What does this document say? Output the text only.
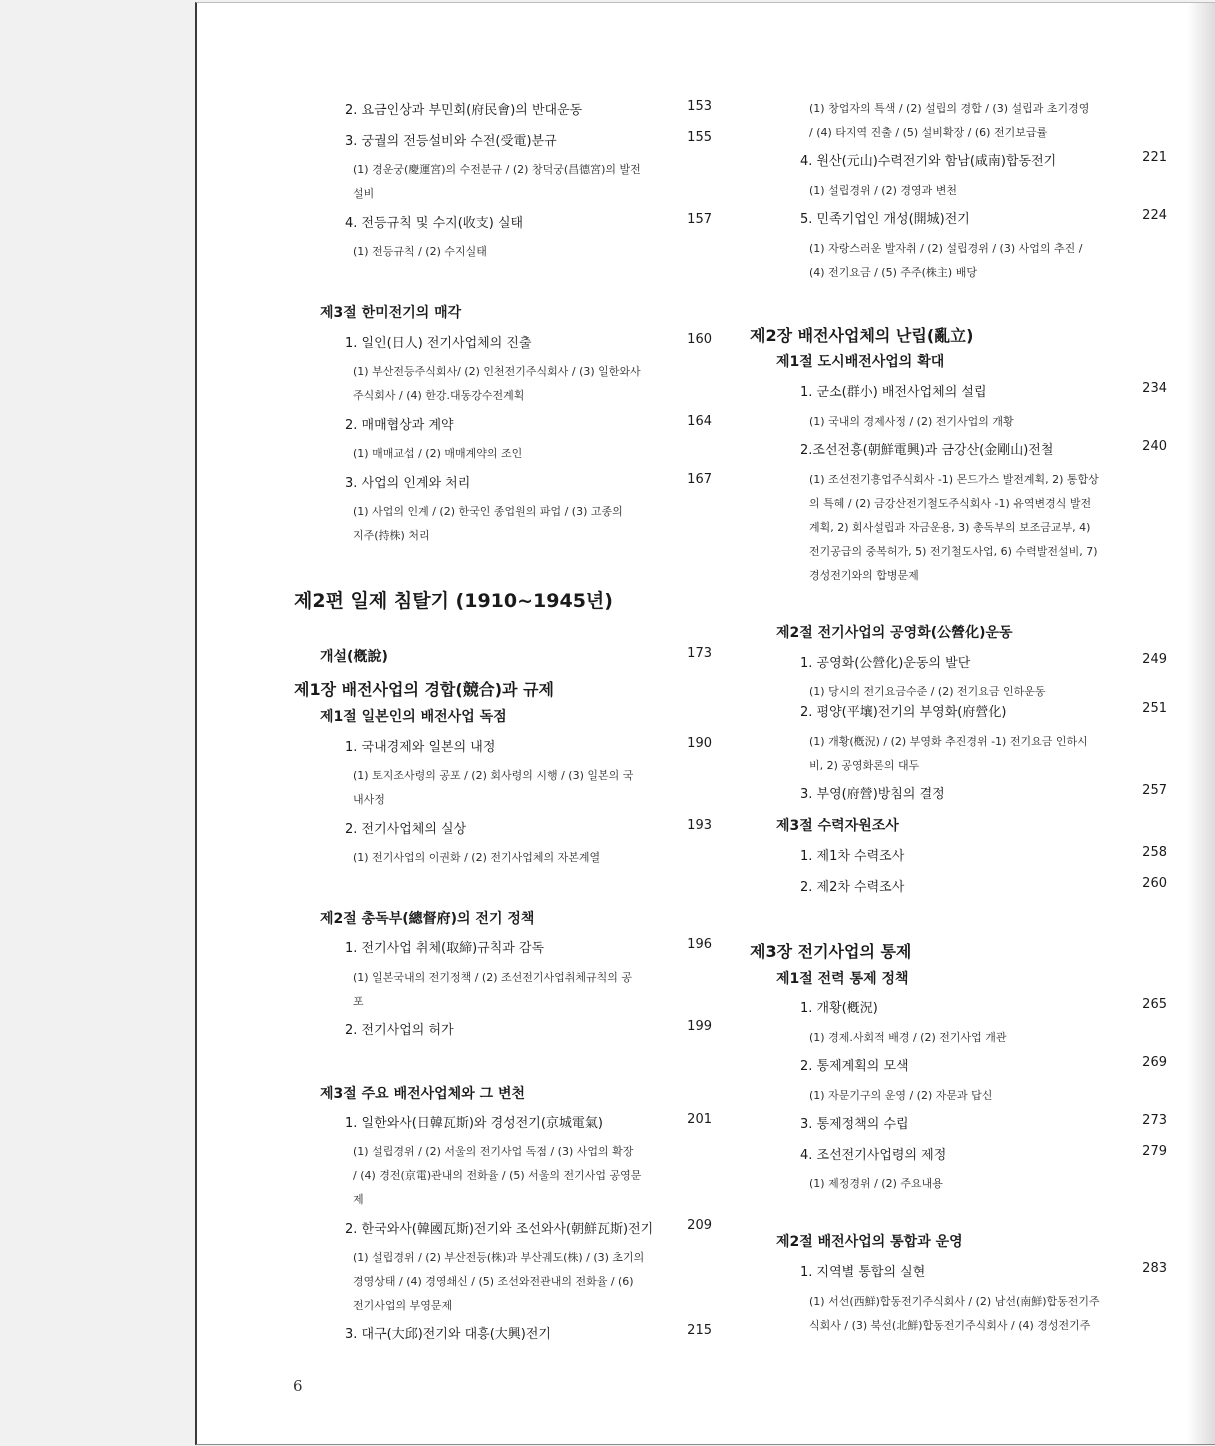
2. 요금인상과 부민회(府民會)의 반대운동	153
3. 궁궐의 전등설비와 수전(受電)분규	155
(1) 경운궁(慶運宮)의 수전분규 / (2) 창덕궁(昌德宮)의 발전
설비
4. 전등규칙 및 수지(收支) 실태	157
(1) 전등규칙 / (2) 수지실태
제3절 한미전기의 매각
1. 일인(日人) 전기사업체의 진출	160
(1) 부산전등주식회사/ (2) 인천전기주식회사 / (3) 일한와사
주식회사 / (4) 한강.대동강수전계획
2. 매매협상과 계약	164
(1) 매매교섭 / (2) 매매계약의 조인
3. 사업의 인계와 처리	167
(1) 사업의 인계 / (2) 한국인 종업원의 파업 / (3) 고종의
지주(持株) 처리
제2편 일제 침탈기 (1910~1945년)
개설(槪說)	173
제1장 배전사업의 경합(競合)과 규제
제1절 일본인의 배전사업 독점
1. 국내경제와 일본의 내정	190
(1) 토지조사령의 공포 / (2) 회사령의 시행 / (3) 일본의 국
내사정
2. 전기사업체의 실상	193
(1) 전기사업의 이권화 / (2) 전기사업체의 자본계열
제2절 총독부(總督府)의 전기 정책
1. 전기사업 취체(取締)규칙과 감독	196
(1) 일본국내의 전기정책 / (2) 조선전기사업취체규칙의 공
포
2. 전기사업의 허가	199
제3절 주요 배전사업체와 그 변천
1. 일한와사(日韓瓦斯)와 경성전기(京城電氣)	201
(1) 설립경위 / (2) 서울의 전기사업 독점 / (3) 사업의 확장
/ (4) 경전(京電)관내의 전화율 / (5) 서울의 전기사업 공영문
제
2. 한국와사(韓國瓦斯)전기와 조선와사(朝鮮瓦斯)전기	209
(1) 설립경위 / (2) 부산전등(株)과 부산궤도(株) / (3) 초기의
경영상태 / (4) 경영쇄신 / (5) 조선와전관내의 전화율 / (6)
전기사업의 부영문제
3. 대구(大邱)전기와 대흥(大興)전기	215
(1) 창업자의 특색 / (2) 설립의 경합 / (3) 설립과 초기경영
/ (4) 타지역 진출 / (5) 설비확장 / (6) 전기보급률
4. 원산(元山)수력전기와 함남(咸南)합동전기	221
(1) 설립경위 / (2) 경영과 변천
5. 민족기업인 개성(開城)전기	224
(1) 자랑스러운 발자취 / (2) 설립경위 / (3) 사업의 추진 /
(4) 전기요금 / (5) 주주(株主) 배당
제2장 배전사업체의 난립(亂立)
제1절 도시배전사업의 확대
1. 군소(群小) 배전사업체의 설립	234
(1) 국내의 경제사정 / (2) 전기사업의 개황
2.조선전흥(朝鮮電興)과 금강산(金剛山)전철	240
(1) 조선전기흥업주식회사 -1) 몬드가스 발전계획, 2) 통합상
의 특혜 / (2) 금강산전기철도주식회사 -1) 유역변경식 발전
계획, 2) 회사설립과 자금운용, 3) 총독부의 보조금교부, 4)
전기공급의 중복허가, 5) 전기철도사업, 6) 수력발전설비, 7)
경성전기와의 합병문제
제2절 전기사업의 공영화(公營化)운동
1. 공영화(公營化)운동의 발단	249
(1) 당시의 전기요금수준 / (2) 전기요금 인하운동
2. 평양(平壤)전기의 부영화(府營化)	251
(1) 개황(槪況) / (2) 부영화 추진경위 -1) 전기요금 인하시
비, 2) 공영화론의 대두
3. 부영(府營)방침의 결정	257
제3절 수력자원조사
1. 제1차 수력조사	258
2. 제2차 수력조사	260
제3장 전기사업의 통제
제1절 전력 통제 정책
1. 개황(槪況)	265
(1) 경제.사회적 배경 / (2) 전기사업 개관
2. 통제계획의 모색	269
(1) 자문기구의 운영 / (2) 자문과 답신
3. 통제정책의 수립	273
4. 조선전기사업령의 제정	279
(1) 제정경위 / (2) 주요내용
제2절 배전사업의 통합과 운영
1. 지역별 통합의 실현	283
(1) 서선(西鮮)합동전기주식회사 / (2) 남선(南鮮)합동전기주
식회사 / (3) 북선(北鮮)합동전기주식회사 / (4) 경성전기주
6
